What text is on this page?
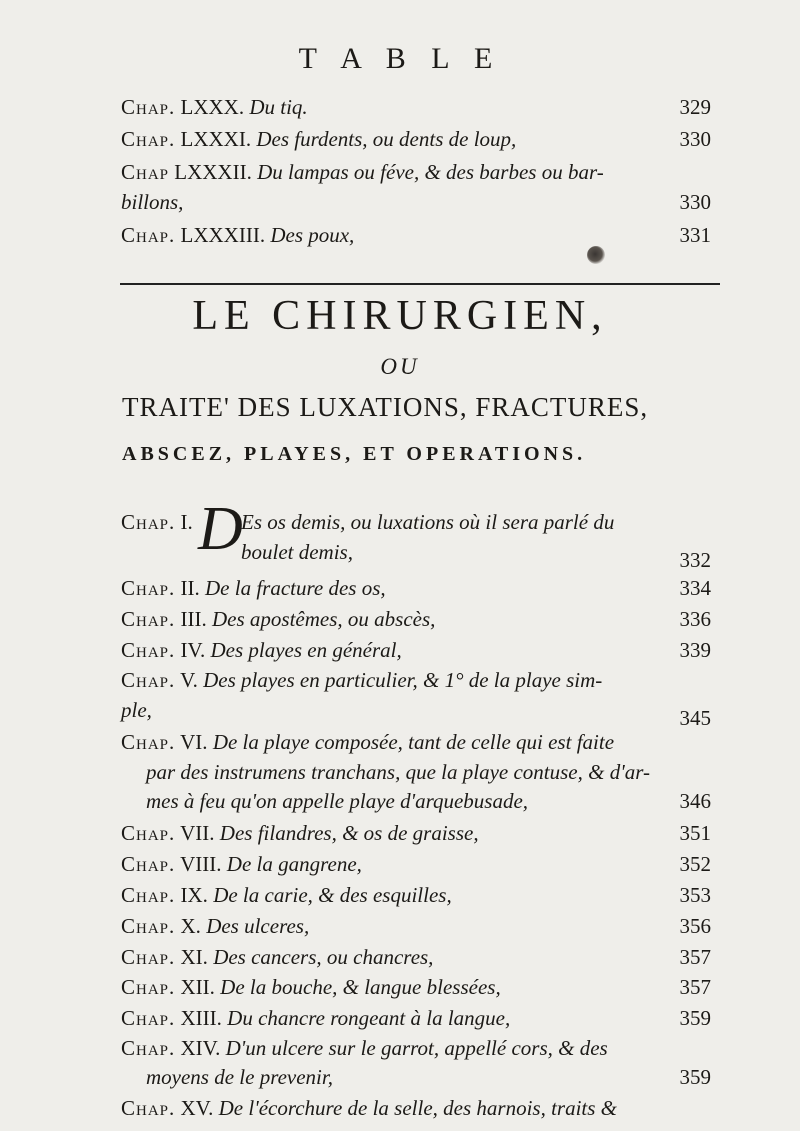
T A B L E
Chap. LXXX. Du tiq.	329
Chap. LXXXI. Des furdents, ou dents de loup,	330
Chap LXXXII. Du lampas ou féve, & des barbes ou bar-
billons,	330
Chap. LXXXIII. Des poux,	331
LE CHIRURGIEN,
OU
TRAITE' DES LUXATIONS, FRACTURES,
ABSCEZ, PLAYES, ET OPERATIONS.
D
Chap. I. Es os demis, ou luxations où il sera parlé du
boulet demis,	332
Chap. II. De la fracture des os,	334
Chap. III. Des apostêmes, ou abscès,	336
Chap. IV. Des playes en général,	339
Chap. V. Des playes en particulier, & 1° de la playe sim-
ple,	345
Chap. VI. De la playe composée, tant de celle qui est faite
par des instrumens tranchans, que la playe contuse, & d'ar-
mes à feu qu'on appelle playe d'arquebusade,	346
Chap. VII. Des filandres, & os de graisse,	351
Chap. VIII. De la gangrene,	352
Chap. IX. De la carie, & des esquilles,	353
Chap. X. Des ulceres,	356
Chap. XI. Des cancers, ou chancres,	357
Chap. XII. De la bouche, & langue blessées,	357
Chap. XIII. Du chancre rongeant à la langue,	359
Chap. XIV. D'un ulcere sur le garrot, appellé cors, & des
moyens de le prevenir,	359
Chap. XV. De l'écorchure de la selle, des harnois, traits &
